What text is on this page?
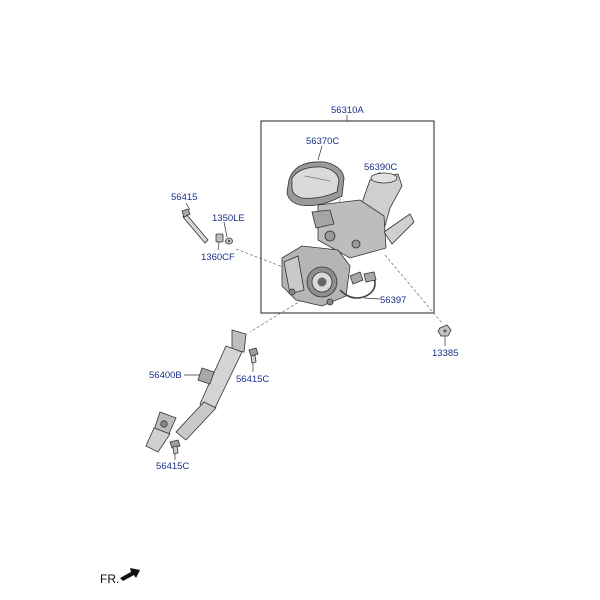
56310A
56370C
56390C
56415
1350LE
1360CF
56397
13385
56400B	56415C
56415C
FR.
